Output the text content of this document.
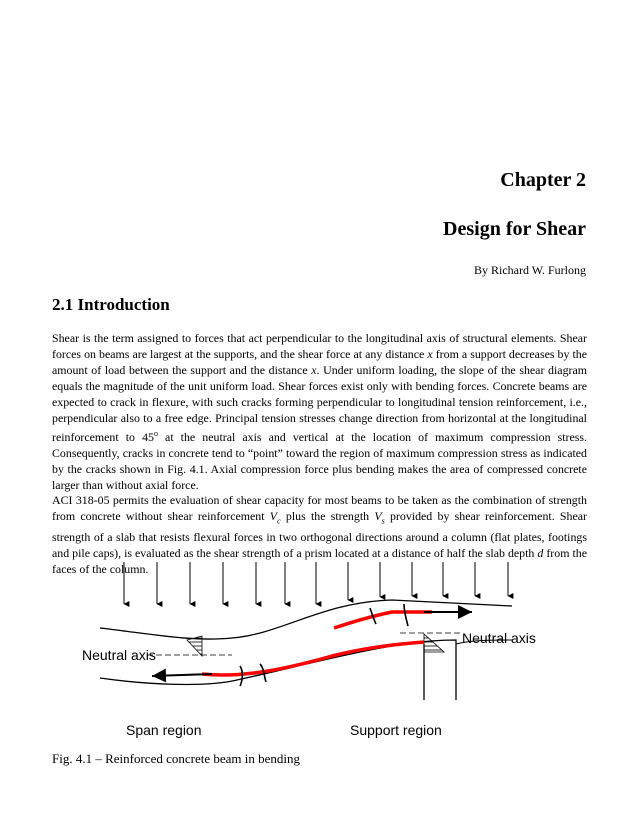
Chapter 2
Design for Shear
By Richard W. Furlong
2.1 Introduction
Shear is the term assigned to forces that act perpendicular to the longitudinal axis of structural elements. Shear forces on beams are largest at the supports, and the shear force at any distance x from a support decreases by the amount of load between the support and the distance x. Under uniform loading, the slope of the shear diagram equals the magnitude of the unit uniform load. Shear forces exist only with bending forces. Concrete beams are expected to crack in flexure, with such cracks forming perpendicular to longitudinal tension reinforcement, i.e., perpendicular also to a free edge. Principal tension stresses change direction from horizontal at the longitudinal reinforcement to 45$^o$ at the neutral axis and vertical at the location of maximum compression stress. Consequently, cracks in concrete tend to “point” toward the region of maximum compression stress as indicated by the cracks shown in Fig. 4.1. Axial compression force plus bending makes the area of compressed concrete larger than without axial force.
ACI 318-05 permits the evaluation of shear capacity for most beams to be taken as the combination of strength from concrete without shear reinforcement $V_c$ plus the strength $V_s$ provided by shear reinforcement. Shear strength of a slab that resists flexural forces in two orthogonal directions around a column (flat plates, footings and pile caps), is evaluated as the shear strength of a prism located at a distance of half the slab depth d from the faces of the column.
Neutral axis
Neutral axis
Span region	Support region
Fig. 4.1 – Reinforced concrete beam in bending
